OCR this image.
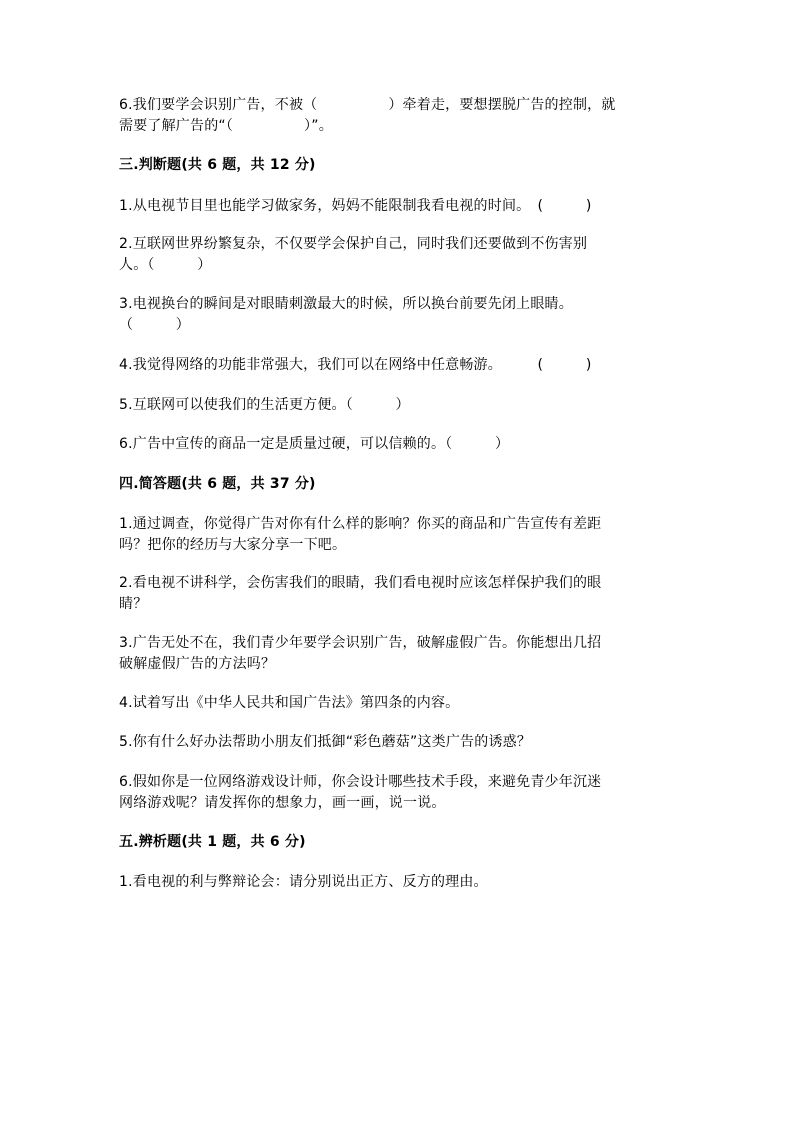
6.我们要学会识别广告，不被（　　　　　）牵着走，要想摆脱广告的控制，就
需要了解广告的“（　　　　　）”。
三.判断题(共 6 题，共 12 分)
1.从电视节目里也能学习做家务，妈妈不能限制我看电视的时间。　(　　　)
2.互联网世界纷繁复杂，不仅要学会保护自己，同时我们还要做到不伤害别
人。（　　　）
3.电视换台的瞬间是对眼睛刺激最大的时候，所以换台前要先闭上眼睛。
（　　　）
4.我觉得网络的功能非常强大，我们可以在网络中任意畅游。　　　(　　　)
5.互联网可以使我们的生活更方便。（　　　）
6.广告中宣传的商品一定是质量过硬，可以信赖的。（　　　）
四.简答题(共 6 题，共 37 分)
1.通过调查，你觉得广告对你有什么样的影响？你买的商品和广告宣传有差距
吗？把你的经历与大家分享一下吧。
2.看电视不讲科学，会伤害我们的眼睛，我们看电视时应该怎样保护我们的眼
睛？
3.广告无处不在，我们青少年要学会识别广告，破解虚假广告。你能想出几招
破解虚假广告的方法吗？
4.试着写出《中华人民共和国广告法》第四条的内容。
5.你有什么好办法帮助小朋友们抵御“彩色蘑菇”这类广告的诱惑？
6.假如你是一位网络游戏设计师，你会设计哪些技术手段，来避免青少年沉迷
网络游戏呢？请发挥你的想象力，画一画，说一说。
五.辨析题(共 1 题，共 6 分)
1.看电视的利与弊辩论会：请分别说出正方、反方的理由。
